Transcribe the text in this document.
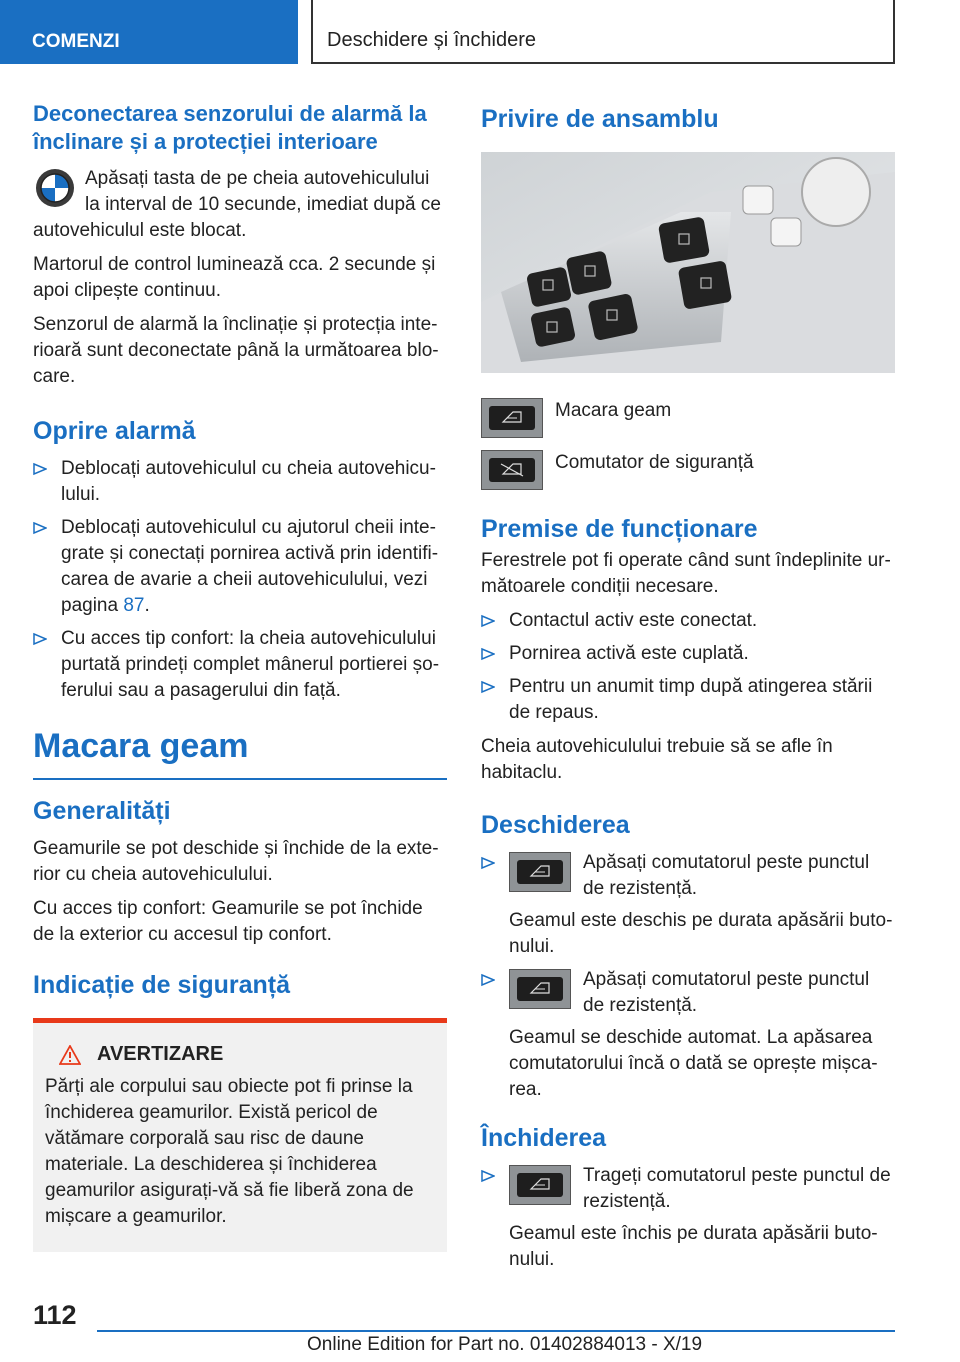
COMENZI	Deschidere și închidere
Deconectarea senzorului de alarmă la înclinare și a protecției interioare

Apăsați tasta de pe cheia autovehiculului la interval de 10 secunde, imediat după ce autovehiculul este blocat.

Martorul de control luminează cca. 2 secunde și apoi clipește continuu.

Senzorul de alarmă la înclinație și protecția interioară sunt deconectate până la următoarea blocare.

Oprire alarmă
Deblocați autovehiculul cu cheia autovehiculului.
Deblocați autovehiculul cu ajutorul cheii integrate și conectați pornirea activă prin identificarea de avarie a cheii autovehiculului, vezi pagina 87.
Cu acces tip confort: la cheia autovehiculului purtată prindeți complet mânerul portierei șoferului sau a pasagerului din față.
Macara geam
Generalități

Geamurile se pot deschide și închide de la exterior cu cheia autovehiculului.

Cu acces tip confort: Geamurile se pot închide de la exterior cu accesul tip confort.

Indicație de siguranță
AVERTIZARE

Părți ale corpului sau obiecte pot fi prinse la închiderea geamurilor. Există pericol de vătămare corporală sau risc de daune materiale. La deschiderea și închiderea geamurilor asigurați-vă să fie liberă zona de mișcare a geamurilor.

Privire de ansamblu
Macara geam
Comutator de siguranță
Premise de funcționare

Ferestrele pot fi operate când sunt îndeplinite următoarele condiții necesare.

Contactul activ este conectat.
Pornirea activă este cuplată.
Pentru un anumit timp după atingerea stării de repaus.

Cheia autovehiculului trebuie să se afle în habitaclu.

Deschiderea
Apăsați comutatorul peste punctul de rezistență.
Geamul este deschis pe durata apăsării butonului.
Apăsați comutatorul peste punctul de rezistență.
Geamul se deschide automat. La apăsarea comutatorului încă o dată se oprește mișcarea.
Închiderea
Trageți comutatorul peste punctul de rezistență.
Geamul este închis pe durata apăsării butonului.
112
Online Edition for Part no. 01402884013 - X/19
